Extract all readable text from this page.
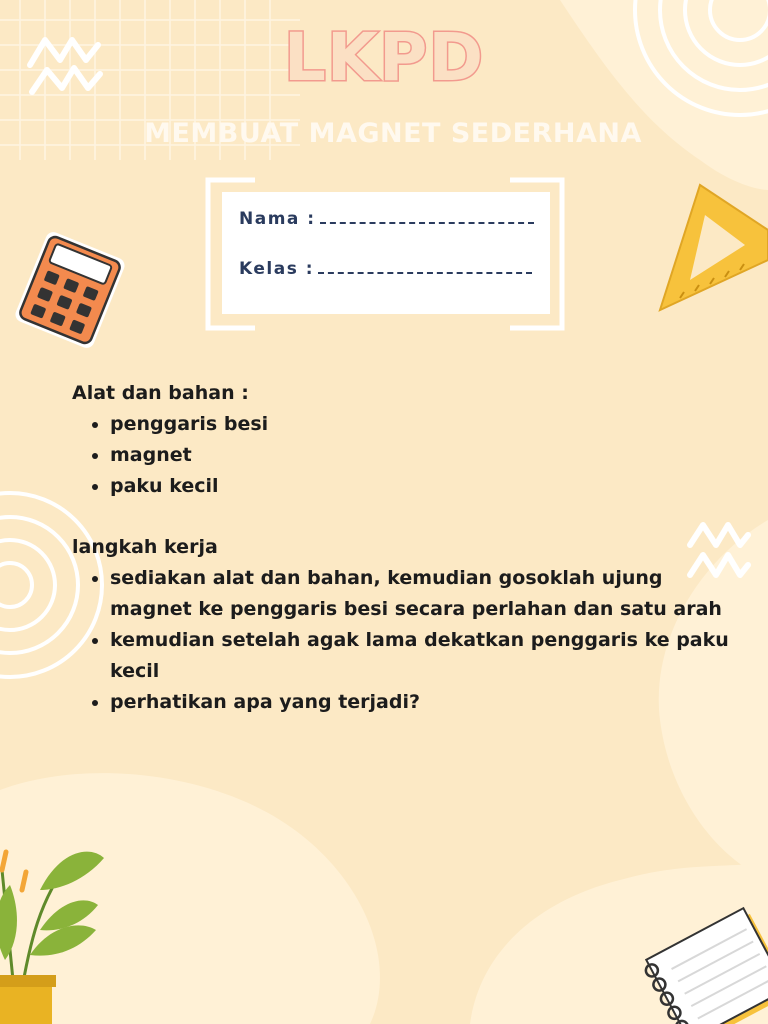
LKPD
MEMBUAT MAGNET SEDERHANA
Nama :
Kelas :

Alat dan bahan :

• penggaris besi
• magnet
• paku kecil

langkah kerja

• sediakan alat dan bahan, kemudian gosoklah ujung magnet ke penggaris besi secara perlahan dan satu arah
• kemudian setelah agak lama dekatkan penggaris ke paku kecil
• perhatikan apa yang terjadi?
